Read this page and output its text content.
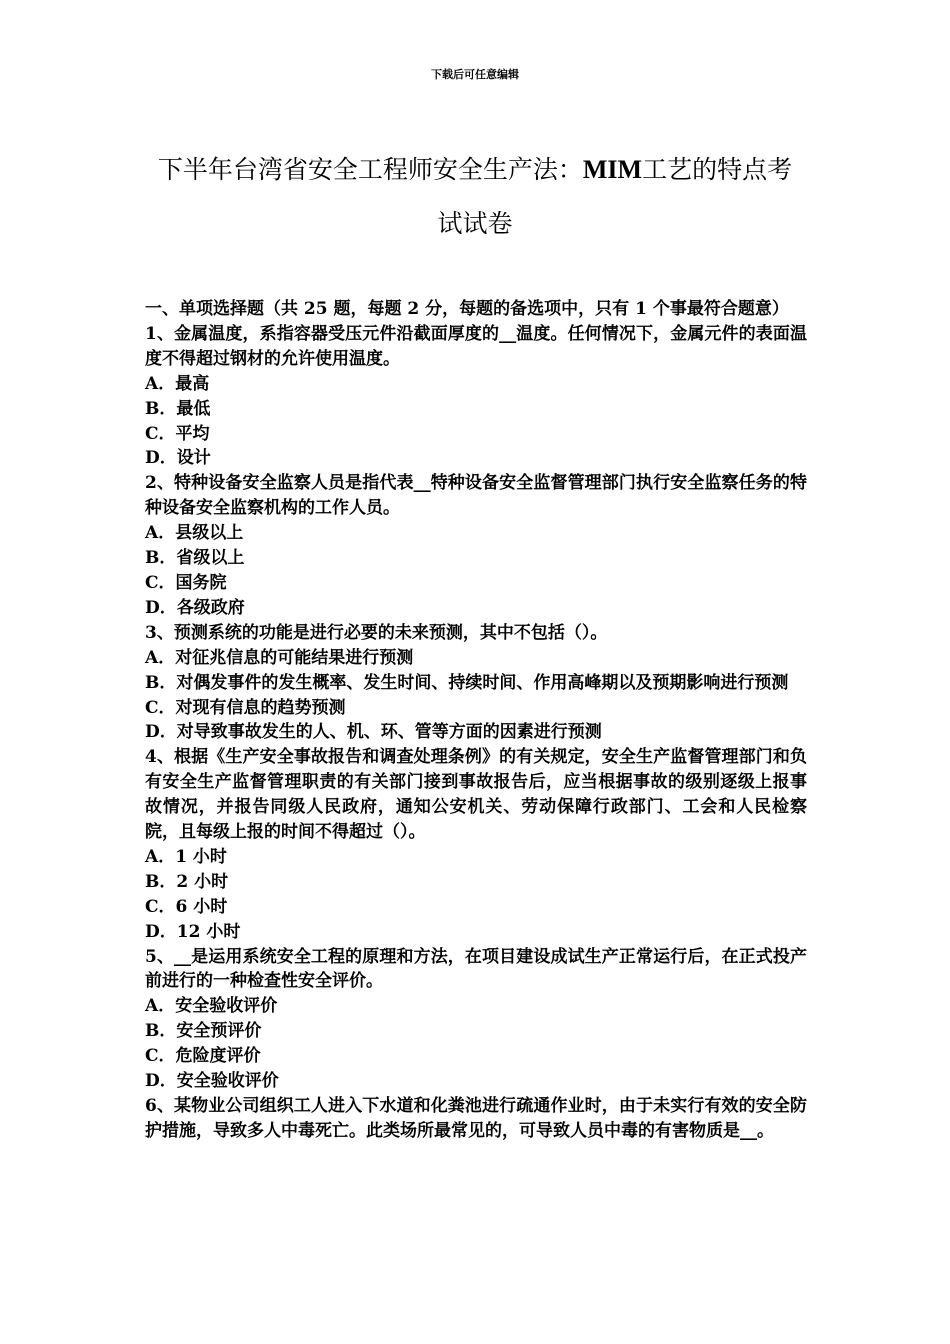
下载后可任意编辑
下半年台湾省安全工程师安全生产法：MIM工艺的特点考试试卷

一、单项选择题（共 25 题，每题 2 分，每题的备选项中，只有 1 个事最符合题意）

1、金属温度，系指容器受压元件沿截面厚度的__温度。任何情况下，金属元件的表面温度不得超过钢材的允许使用温度。

A．最高

B．最低

C．平均

D．设计

2、特种设备安全监察人员是指代表__特种设备安全监督管理部门执行安全监察任务的特种设备安全监察机构的工作人员。

A．县级以上

B．省级以上

C．国务院

D．各级政府

3、预测系统的功能是进行必要的未来预测，其中不包括（）。

A．对征兆信息的可能结果进行预测

B．对偶发事件的发生概率、发生时间、持续时间、作用高峰期以及预期影响进行预测

C．对现有信息的趋势预测

D．对导致事故发生的人、机、环、管等方面的因素进行预测

4、根据《生产安全事故报告和调查处理条例》的有关规定，安全生产监督管理部门和负有安全生产监督管理职责的有关部门接到事故报告后，应当根据事故的级别逐级上报事故情况，并报告同级人民政府，通知公安机关、劳动保障行政部门、工会和人民检察院，且每级上报的时间不得超过（）。

A．1 小时

B．2 小时

C．6 小时

D．12 小时

5、__是运用系统安全工程的原理和方法，在项目建设成试生产正常运行后，在正式投产前进行的一种检查性安全评价。

A．安全验收评价

B．安全预评价

C．危险度评价

D．安全验收评价

6、某物业公司组织工人进入下水道和化粪池进行疏通作业时，由于未实行有效的安全防护措施，导致多人中毒死亡。此类场所最常见的，可导致人员中毒的有害物质是__。
